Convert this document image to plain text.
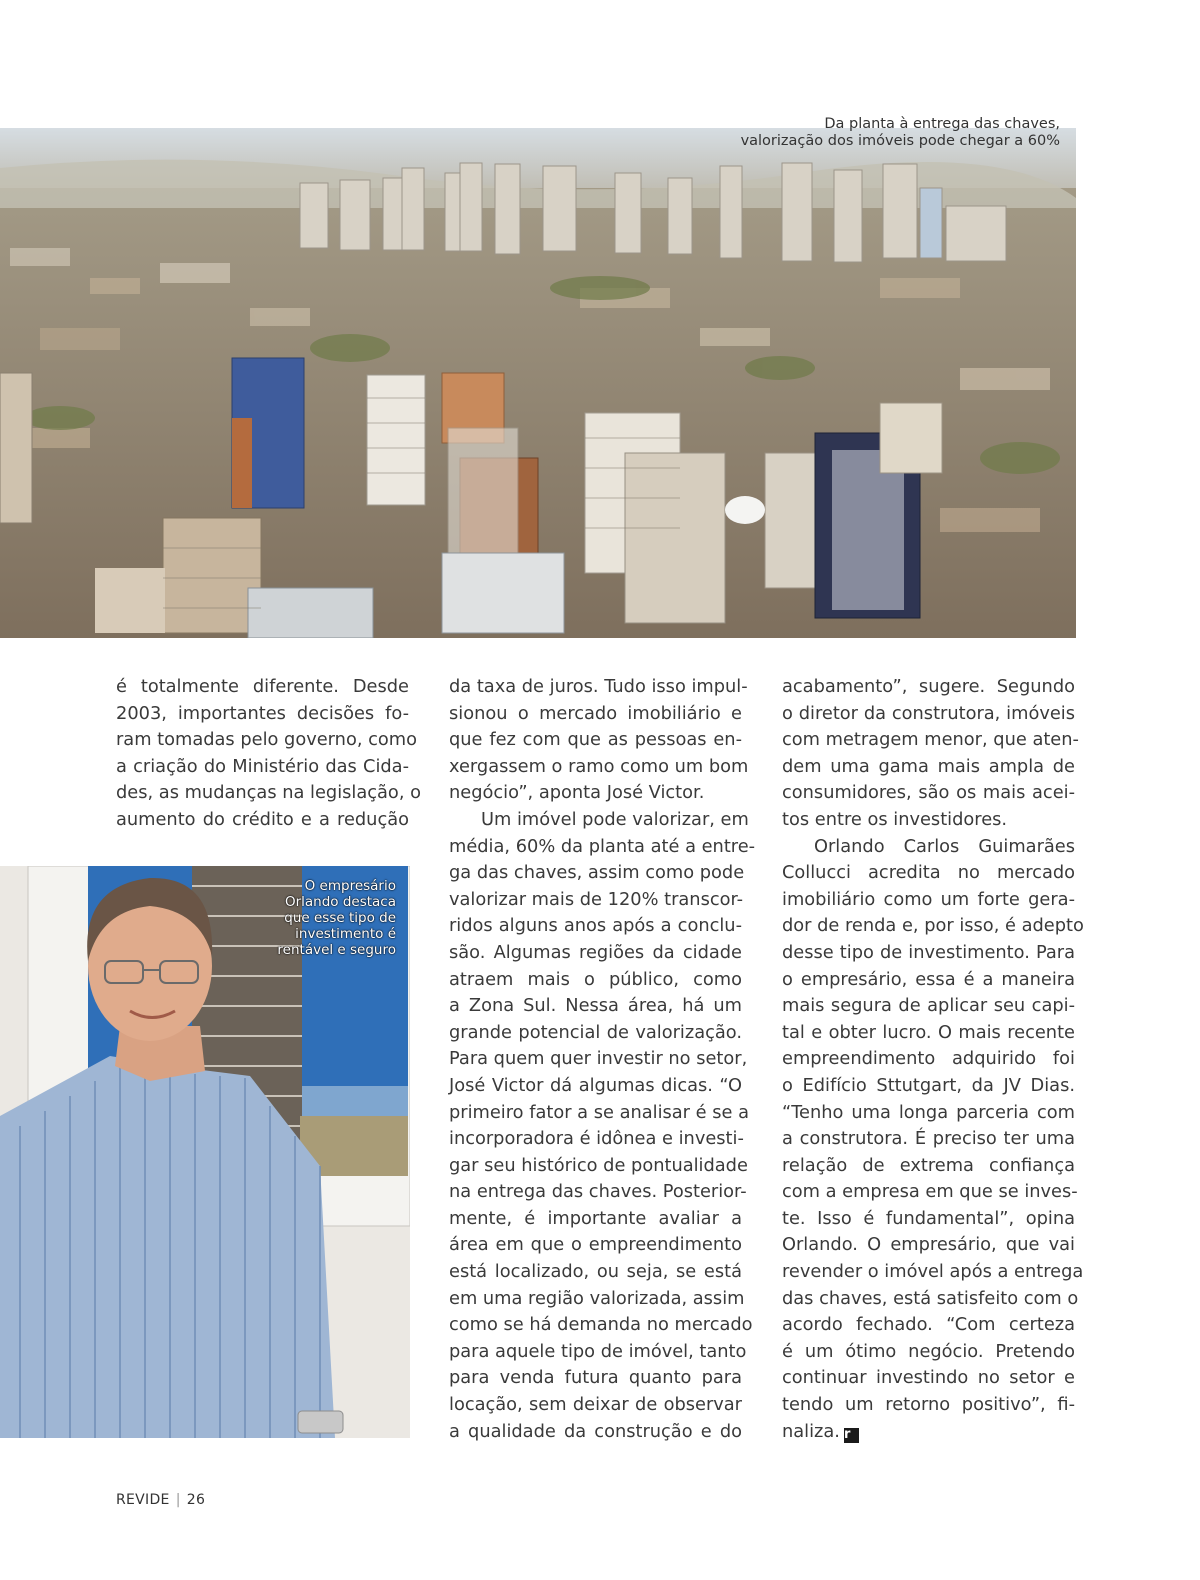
Da planta à entrega das chaves,
valorização dos imóveis pode chegar a 60%
O empresário
Orlando destaca
que esse tipo de
investimento é
rentável e seguro
é totalmente diferente. Desde
2003, importantes decisões fo-
ram tomadas pelo governo, como
a criação do Ministério das Cida-
des, as mudanças na legislação, o
aumento do crédito e a redução
da taxa de juros. Tudo isso impul-
sionou o mercado imobiliário e
que fez com que as pessoas en-
xergassem o ramo como um bom
negócio”, aponta José Victor.
Um imóvel pode valorizar, em
média, 60% da planta até a entre-
ga das chaves, assim como pode
valorizar mais de 120% transcor-
ridos alguns anos após a conclu-
são. Algumas regiões da cidade
atraem mais o público, como
a Zona Sul. Nessa área, há um
grande potencial de valorização.
Para quem quer investir no setor,
José Victor dá algumas dicas. “O
primeiro fator a se analisar é se a
incorporadora é idônea e investi-
gar seu histórico de pontualidade
na entrega das chaves. Posterior-
mente, é importante avaliar a
área em que o empreendimento
está localizado, ou seja, se está
em uma região valorizada, assim
como se há demanda no mercado
para aquele tipo de imóvel, tanto
para venda futura quanto para
locação, sem deixar de observar
a qualidade da construção e do
acabamento”, sugere. Segundo
o diretor da construtora, imóveis
com metragem menor, que aten-
dem uma gama mais ampla de
consumidores, são os mais acei-
tos entre os investidores.
Orlando Carlos Guimarães
Collucci acredita no mercado
imobiliário como um forte gera-
dor de renda e, por isso, é adepto
desse tipo de investimento. Para
o empresário, essa é a maneira
mais segura de aplicar seu capi-
tal e obter lucro. O mais recente
empreendimento adquirido foi
o Edifício Sttutgart, da JV Dias.
“Tenho uma longa parceria com
a construtora. É preciso ter uma
relação de extrema confiança
com a empresa em que se inves-
te. Isso é fundamental”, opina
Orlando. O empresário, que vai
revender o imóvel após a entrega
das chaves, está satisfeito com o
acordo fechado. “Com certeza
é um ótimo negócio. Pretendo
continuar investindo no setor e
tendo um retorno positivo”, fi-
naliza. r
REVIDE | 26
